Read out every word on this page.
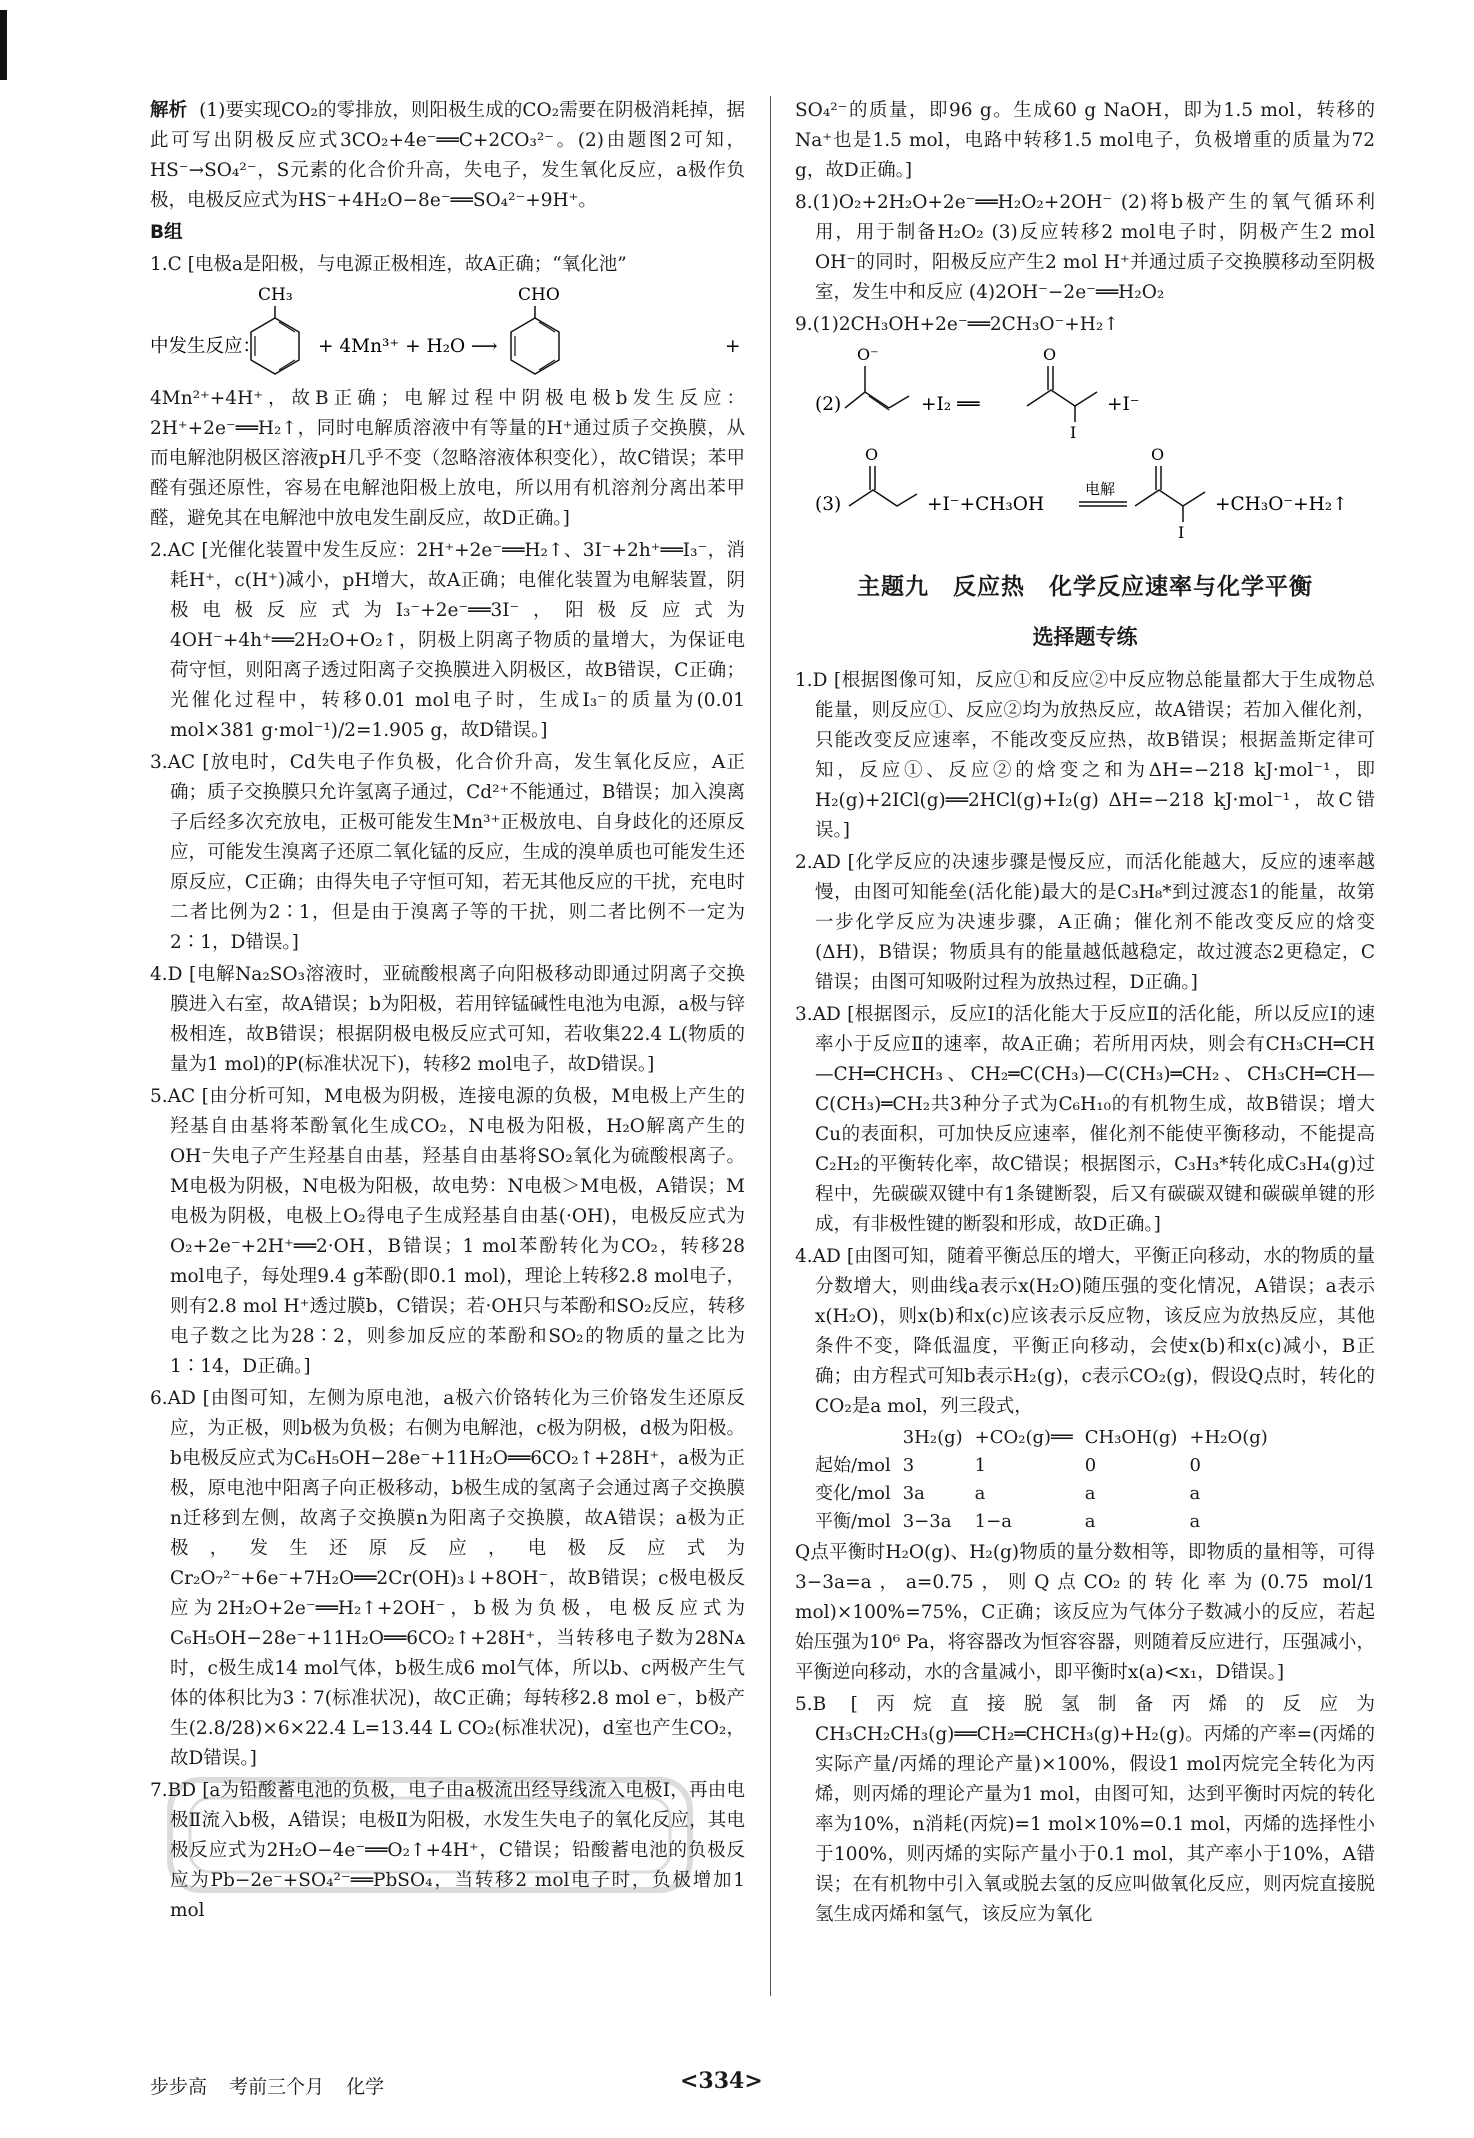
解析 (1)要实现CO₂的零排放，则阳极生成的CO₂需要在阴极消耗掉，据此可写出阴极反应式3CO₂+4e⁻══C+2CO₃²⁻。(2)由题图2可知，HS⁻→SO₄²⁻，S元素的化合价升高，失电子，发生氧化反应，a极作负极，电极反应式为HS⁻+4H₂O−8e⁻══SO₄²⁻+9H⁺。

B组

1.C [电极a是阳极，与电源正极相连，故A正确；“氧化池”

中发生反应：
CH₃
+ 4Mn³⁺ + H₂O ⟶
CHO
+

4Mn²⁺+4H⁺，故B正确；电解过程中阴极电极b发生反应：2H⁺+2e⁻══H₂↑，同时电解质溶液中有等量的H⁺通过质子交换膜，从而电解池阴极区溶液pH几乎不变（忽略溶液体积变化），故C错误；苯甲醛有强还原性，容易在电解池阳极上放电，所以用有机溶剂分离出苯甲醛，避免其在电解池中放电发生副反应，故D正确。]

2.AC [光催化装置中发生反应：2H⁺+2e⁻══H₂↑、3I⁻+2h⁺══I₃⁻，消耗H⁺，c(H⁺)减小，pH增大，故A正确；电催化装置为电解装置，阴极电极反应式为I₃⁻+2e⁻══3I⁻，阳极反应式为4OH⁻+4h⁺══2H₂O+O₂↑，阴极上阴离子物质的量增大，为保证电荷守恒，则阳离子透过阳离子交换膜进入阴极区，故B错误，C正确；光催化过程中，转移0.01 mol电子时，生成I₃⁻的质量为(0.01 mol×381 g·mol⁻¹)/2=1.905 g，故D错误。]

3.AC [放电时，Cd失电子作负极，化合价升高，发生氧化反应，A正确；质子交换膜只允许氢离子通过，Cd²⁺不能通过，B错误；加入溴离子后经多次充放电，正极可能发生Mn³⁺正极放电、自身歧化的还原反应，可能发生溴离子还原二氧化锰的反应，生成的溴单质也可能发生还原反应，C正确；由得失电子守恒可知，若无其他反应的干扰，充电时二者比例为2∶1，但是由于溴离子等的干扰，则二者比例不一定为2∶1，D错误。]

4.D [电解Na₂SO₃溶液时，亚硫酸根离子向阳极移动即通过阴离子交换膜进入右室，故A错误；b为阳极，若用锌锰碱性电池为电源，a极与锌极相连，故B错误；根据阴极电极反应式可知，若收集22.4 L(物质的量为1 mol)的P(标准状况下)，转移2 mol电子，故D错误。]

5.AC [由分析可知，M电极为阴极，连接电源的负极，M电极上产生的羟基自由基将苯酚氧化生成CO₂，N电极为阳极，H₂O解离产生的OH⁻失电子产生羟基自由基，羟基自由基将SO₂氧化为硫酸根离子。M电极为阴极，N电极为阳极，故电势：N电极＞M电极，A错误；M电极为阴极，电极上O₂得电子生成羟基自由基(·OH)，电极反应式为O₂+2e⁻+2H⁺══2·OH，B错误；1 mol苯酚转化为CO₂，转移28 mol电子，每处理9.4 g苯酚(即0.1 mol)，理论上转移2.8 mol电子，则有2.8 mol H⁺透过膜b，C错误；若·OH只与苯酚和SO₂反应，转移电子数之比为28∶2，则参加反应的苯酚和SO₂的物质的量之比为1∶14，D正确。]

6.AD [由图可知，左侧为原电池，a极六价铬转化为三价铬发生还原反应，为正极，则b极为负极；右侧为电解池，c极为阴极，d极为阳极。b电极反应式为C₆H₅OH−28e⁻+11H₂O══6CO₂↑+28H⁺，a极为正极，原电池中阳离子向正极移动，b极生成的氢离子会通过离子交换膜n迁移到左侧，故离子交换膜n为阳离子交换膜，故A错误；a极为正极，发生还原反应，电极反应式为Cr₂O₇²⁻+6e⁻+7H₂O══2Cr(OH)₃↓+8OH⁻，故B错误；c极电极反应为2H₂O+2e⁻══H₂↑+2OH⁻，b极为负极，电极反应式为C₆H₅OH−28e⁻+11H₂O══6CO₂↑+28H⁺，当转移电子数为28Nᴀ时，c极生成14 mol气体，b极生成6 mol气体，所以b、c两极产生气体的体积比为3∶7(标准状况)，故C正确；每转移2.8 mol e⁻，b极产生(2.8/28)×6×22.4 L=13.44 L CO₂(标准状况)，d室也产生CO₂，故D错误。]

7.BD [a为铅酸蓄电池的负极，电子由a极流出经导线流入电极Ⅰ，再由电极Ⅱ流入b极，A错误；电极Ⅱ为阳极，水发生失电子的氧化反应，其电极反应式为2H₂O−4e⁻══O₂↑+4H⁺，C错误；铅酸蓄电池的负极反应为Pb−2e⁻+SO₄²⁻══PbSO₄，当转移2 mol电子时，负极增加1 mol

SO₄²⁻的质量，即96 g。生成60 g NaOH，即为1.5 mol，转移的Na⁺也是1.5 mol，电路中转移1.5 mol电子，负极增重的质量为72 g，故D正确。]

8.(1)O₂+2H₂O+2e⁻══H₂O₂+2OH⁻ (2)将b极产生的氧气循环利用，用于制备H₂O₂ (3)反应转移2 mol电子时，阴极产生2 mol OH⁻的同时，阳极反应产生2 mol H⁺并通过质子交换膜移动至阴极室，发生中和反应 (4)2OH⁻−2e⁻══H₂O₂

9.(1)2CH₃OH+2e⁻══2CH₃O⁻+H₂↑

(2)
O⁻
+I₂ ══
O
I
+I⁻
(3)
O
+I⁻+CH₃OH
电解
O
I
+CH₃O⁻+H₂↑
主题九　反应热　化学反应速率与化学平衡
选择题专练

1.D [根据图像可知，反应①和反应②中反应物总能量都大于生成物总能量，则反应①、反应②均为放热反应，故A错误；若加入催化剂，只能改变反应速率，不能改变反应热，故B错误；根据盖斯定律可知，反应①、反应②的焓变之和为ΔH=−218 kJ·mol⁻¹，即H₂(g)+2ICl(g)══2HCl(g)+I₂(g) ΔH=−218 kJ·mol⁻¹，故C错误。]

2.AD [化学反应的决速步骤是慢反应，而活化能越大，反应的速率越慢，由图可知能垒(活化能)最大的是C₃H₈*到过渡态1的能量，故第一步化学反应为决速步骤，A正确；催化剂不能改变反应的焓变(ΔH)，B错误；物质具有的能量越低越稳定，故过渡态2更稳定，C错误；由图可知吸附过程为放热过程，D正确。]

3.AD [根据图示，反应Ⅰ的活化能大于反应Ⅱ的活化能，所以反应Ⅰ的速率小于反应Ⅱ的速率，故A正确；若所用丙炔，则会有CH₃CH═CH—CH═CHCH₃、CH₂═C(CH₃)—C(CH₃)═CH₂、CH₃CH═CH—C(CH₃)═CH₂共3种分子式为C₆H₁₀的有机物生成，故B错误；增大Cu的表面积，可加快反应速率，催化剂不能使平衡移动，不能提高C₂H₂的平衡转化率，故C错误；根据图示，C₃H₃*转化成C₃H₄(g)过程中，先碳碳双键中有1条键断裂，后又有碳碳双键和碳碳单键的形成，有非极性键的断裂和形成，故D正确。]

4.AD [由图可知，随着平衡总压的增大，平衡正向移动，水的物质的量分数增大，则曲线a表示x(H₂O)随压强的变化情况，A错误；a表示x(H₂O)，则x(b)和x(c)应该表示反应物，该反应为放热反应，其他条件不变，降低温度，平衡正向移动，会使x(b)和x(c)减小，B正确；由方程式可知b表示H₂(g)，c表示CO₂(g)，假设Q点时，转化的CO₂是a mol，列三段式，

	3H₂(g)	+CO₂(g)══	CH₃OH(g)	+H₂O(g)
起始/mol	3	1	0	0
变化/mol	3a	a	a	a
平衡/mol	3−3a	1−a	a	a

Q点平衡时H₂O(g)、H₂(g)物质的量分数相等，即物质的量相等，可得3−3a=a，a=0.75，则Q点CO₂的转化率为(0.75 mol/1 mol)×100%=75%，C正确；该反应为气体分子数减小的反应，若起始压强为10⁶ Pa，将容器改为恒容容器，则随着反应进行，压强减小，平衡逆向移动，水的含量减小，即平衡时x(a)<x₁，D错误。]

5.B [丙烷直接脱氢制备丙烯的反应为CH₃CH₂CH₃(g)══CH₂═CHCH₃(g)+H₂(g)。丙烯的产率=(丙烯的实际产量/丙烯的理论产量)×100%，假设1 mol丙烷完全转化为丙烯，则丙烯的理论产量为1 mol，由图可知，达到平衡时丙烷的转化率为10%，n消耗(丙烷)=1 mol×10%=0.1 mol，丙烯的选择性小于100%，则丙烯的实际产量小于0.1 mol，其产率小于10%，A错误；在有机物中引入氧或脱去氢的反应叫做氧化反应，则丙烷直接脱氢生成丙烯和氢气，该反应为氧化

步步高 考前三个月 化学	<334>
